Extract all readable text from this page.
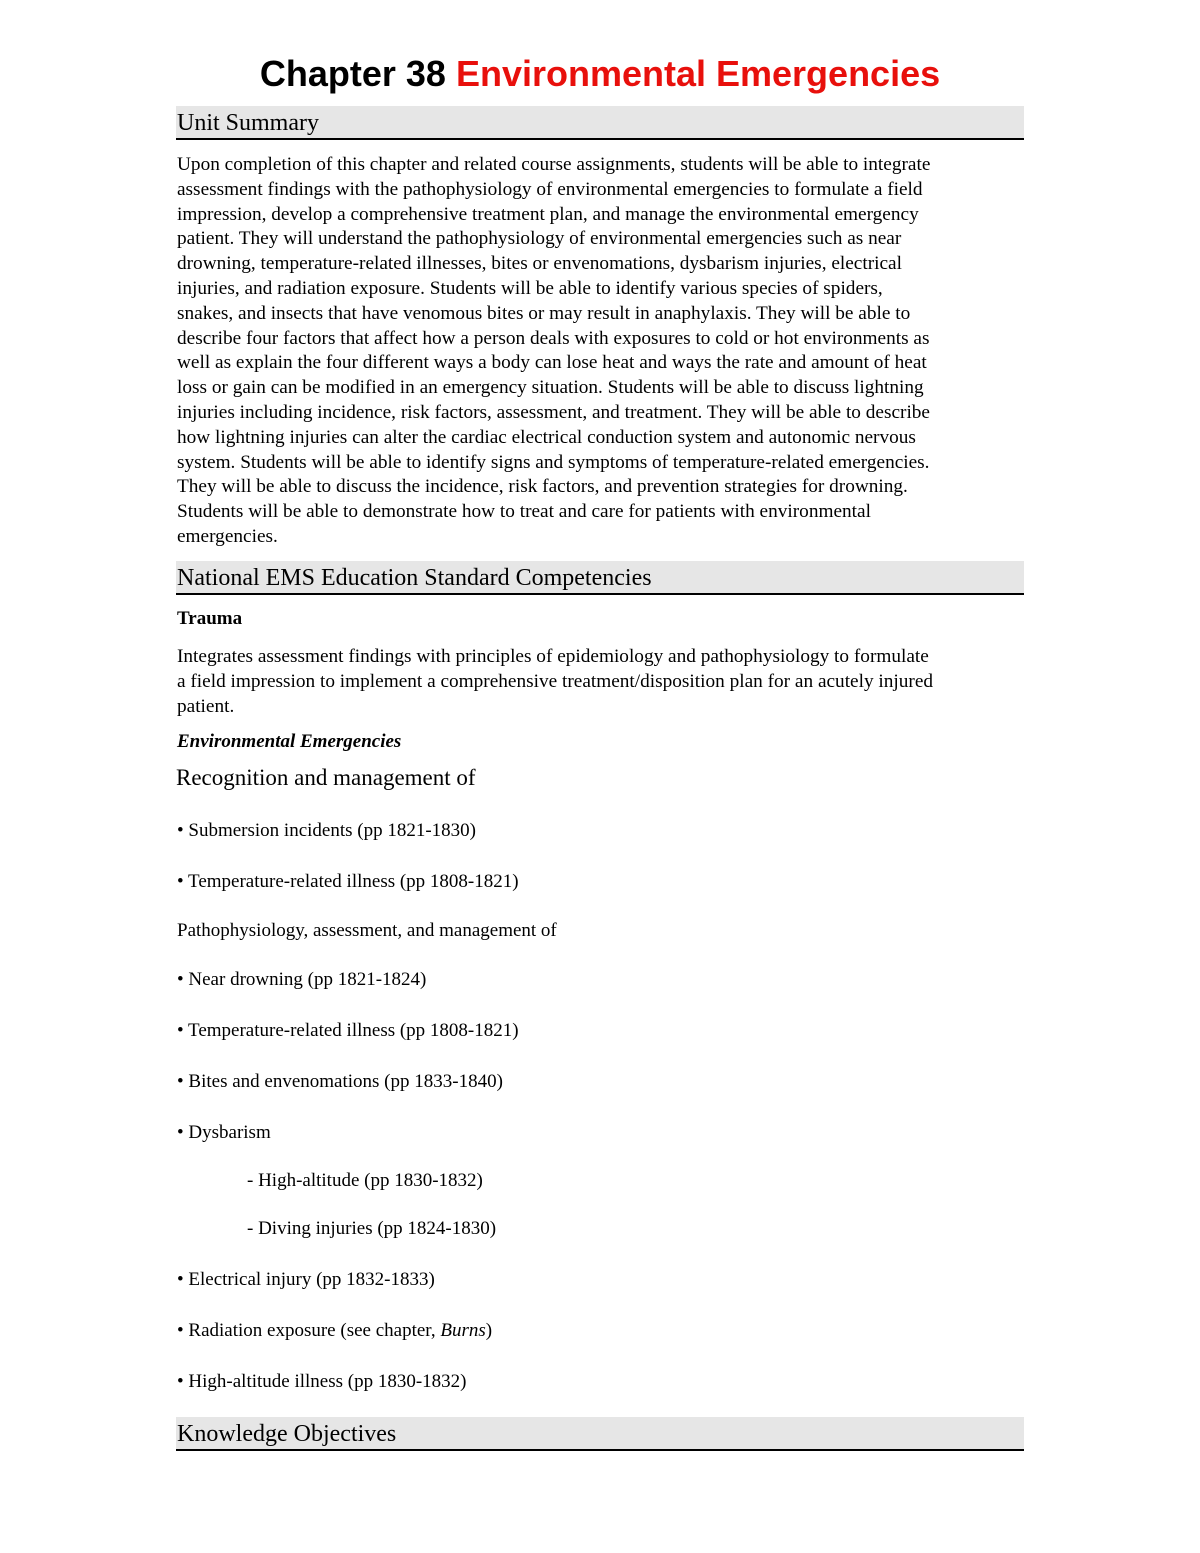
Chapter 38 Environmental Emergencies
Unit Summary
Upon completion of this chapter and related course assignments, students will be able to integrate
assessment findings with the pathophysiology of environmental emergencies to formulate a field
impression, develop a comprehensive treatment plan, and manage the environmental emergency
patient. They will understand the pathophysiology of environmental emergencies such as near
drowning, temperature-related illnesses, bites or envenomations, dysbarism injuries, electrical
injuries, and radiation exposure. Students will be able to identify various species of spiders,
snakes, and insects that have venomous bites or may result in anaphylaxis. They will be able to
describe four factors that affect how a person deals with exposures to cold or hot environments as
well as explain the four different ways a body can lose heat and ways the rate and amount of heat
loss or gain can be modified in an emergency situation. Students will be able to discuss lightning
injuries including incidence, risk factors, assessment, and treatment. They will be able to describe
how lightning injuries can alter the cardiac electrical conduction system and autonomic nervous
system. Students will be able to identify signs and symptoms of temperature-related emergencies.
They will be able to discuss the incidence, risk factors, and prevention strategies for drowning.
Students will be able to demonstrate how to treat and care for patients with environmental
emergencies.
National EMS Education Standard Competencies

Trauma

Integrates assessment findings with principles of epidemiology and pathophysiology to formulate
a field impression to implement a comprehensive treatment/disposition plan for an acutely injured
patient.

Environmental Emergencies

Recognition and management of

• Submersion incidents (pp 1821-1830)

• Temperature-related illness (pp 1808-1821)

Pathophysiology, assessment, and management of

• Near drowning (pp 1821-1824)

• Temperature-related illness (pp 1808-1821)

• Bites and envenomations (pp 1833-1840)

• Dysbarism

- High-altitude (pp 1830-1832)

- Diving injuries (pp 1824-1830)

• Electrical injury (pp 1832-1833)

• Radiation exposure (see chapter, Burns)

• High-altitude illness (pp 1830-1832)

Knowledge Objectives
